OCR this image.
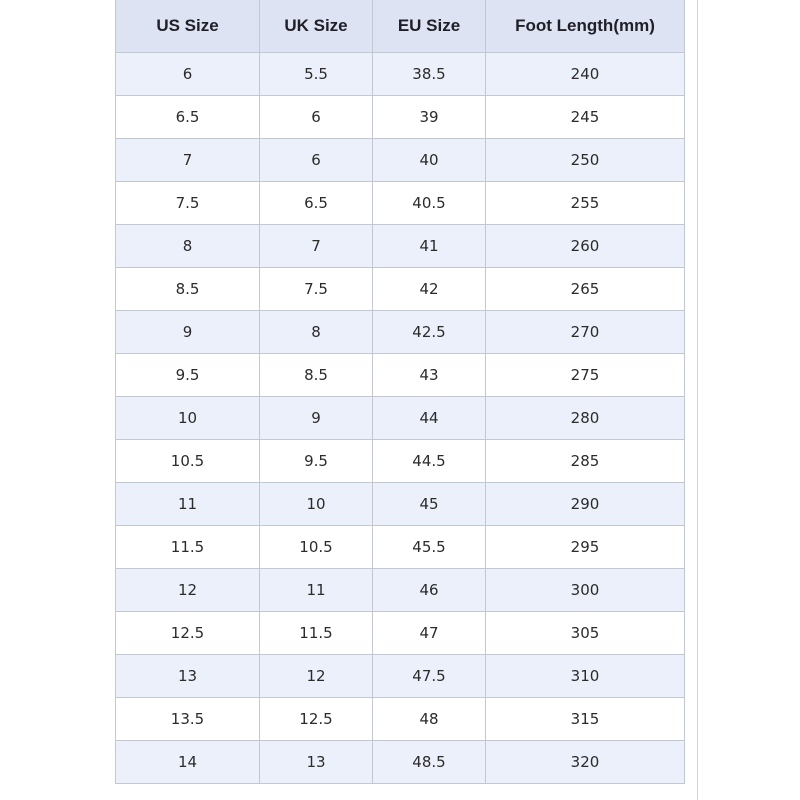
US Size	UK Size	EU Size	Foot Length(mm)
6	5.5	38.5	240
6.5	6	39	245
7	6	40	250
7.5	6.5	40.5	255
8	7	41	260
8.5	7.5	42	265
9	8	42.5	270
9.5	8.5	43	275
10	9	44	280
10.5	9.5	44.5	285
11	10	45	290
11.5	10.5	45.5	295
12	11	46	300
12.5	11.5	47	305
13	12	47.5	310
13.5	12.5	48	315
14	13	48.5	320
